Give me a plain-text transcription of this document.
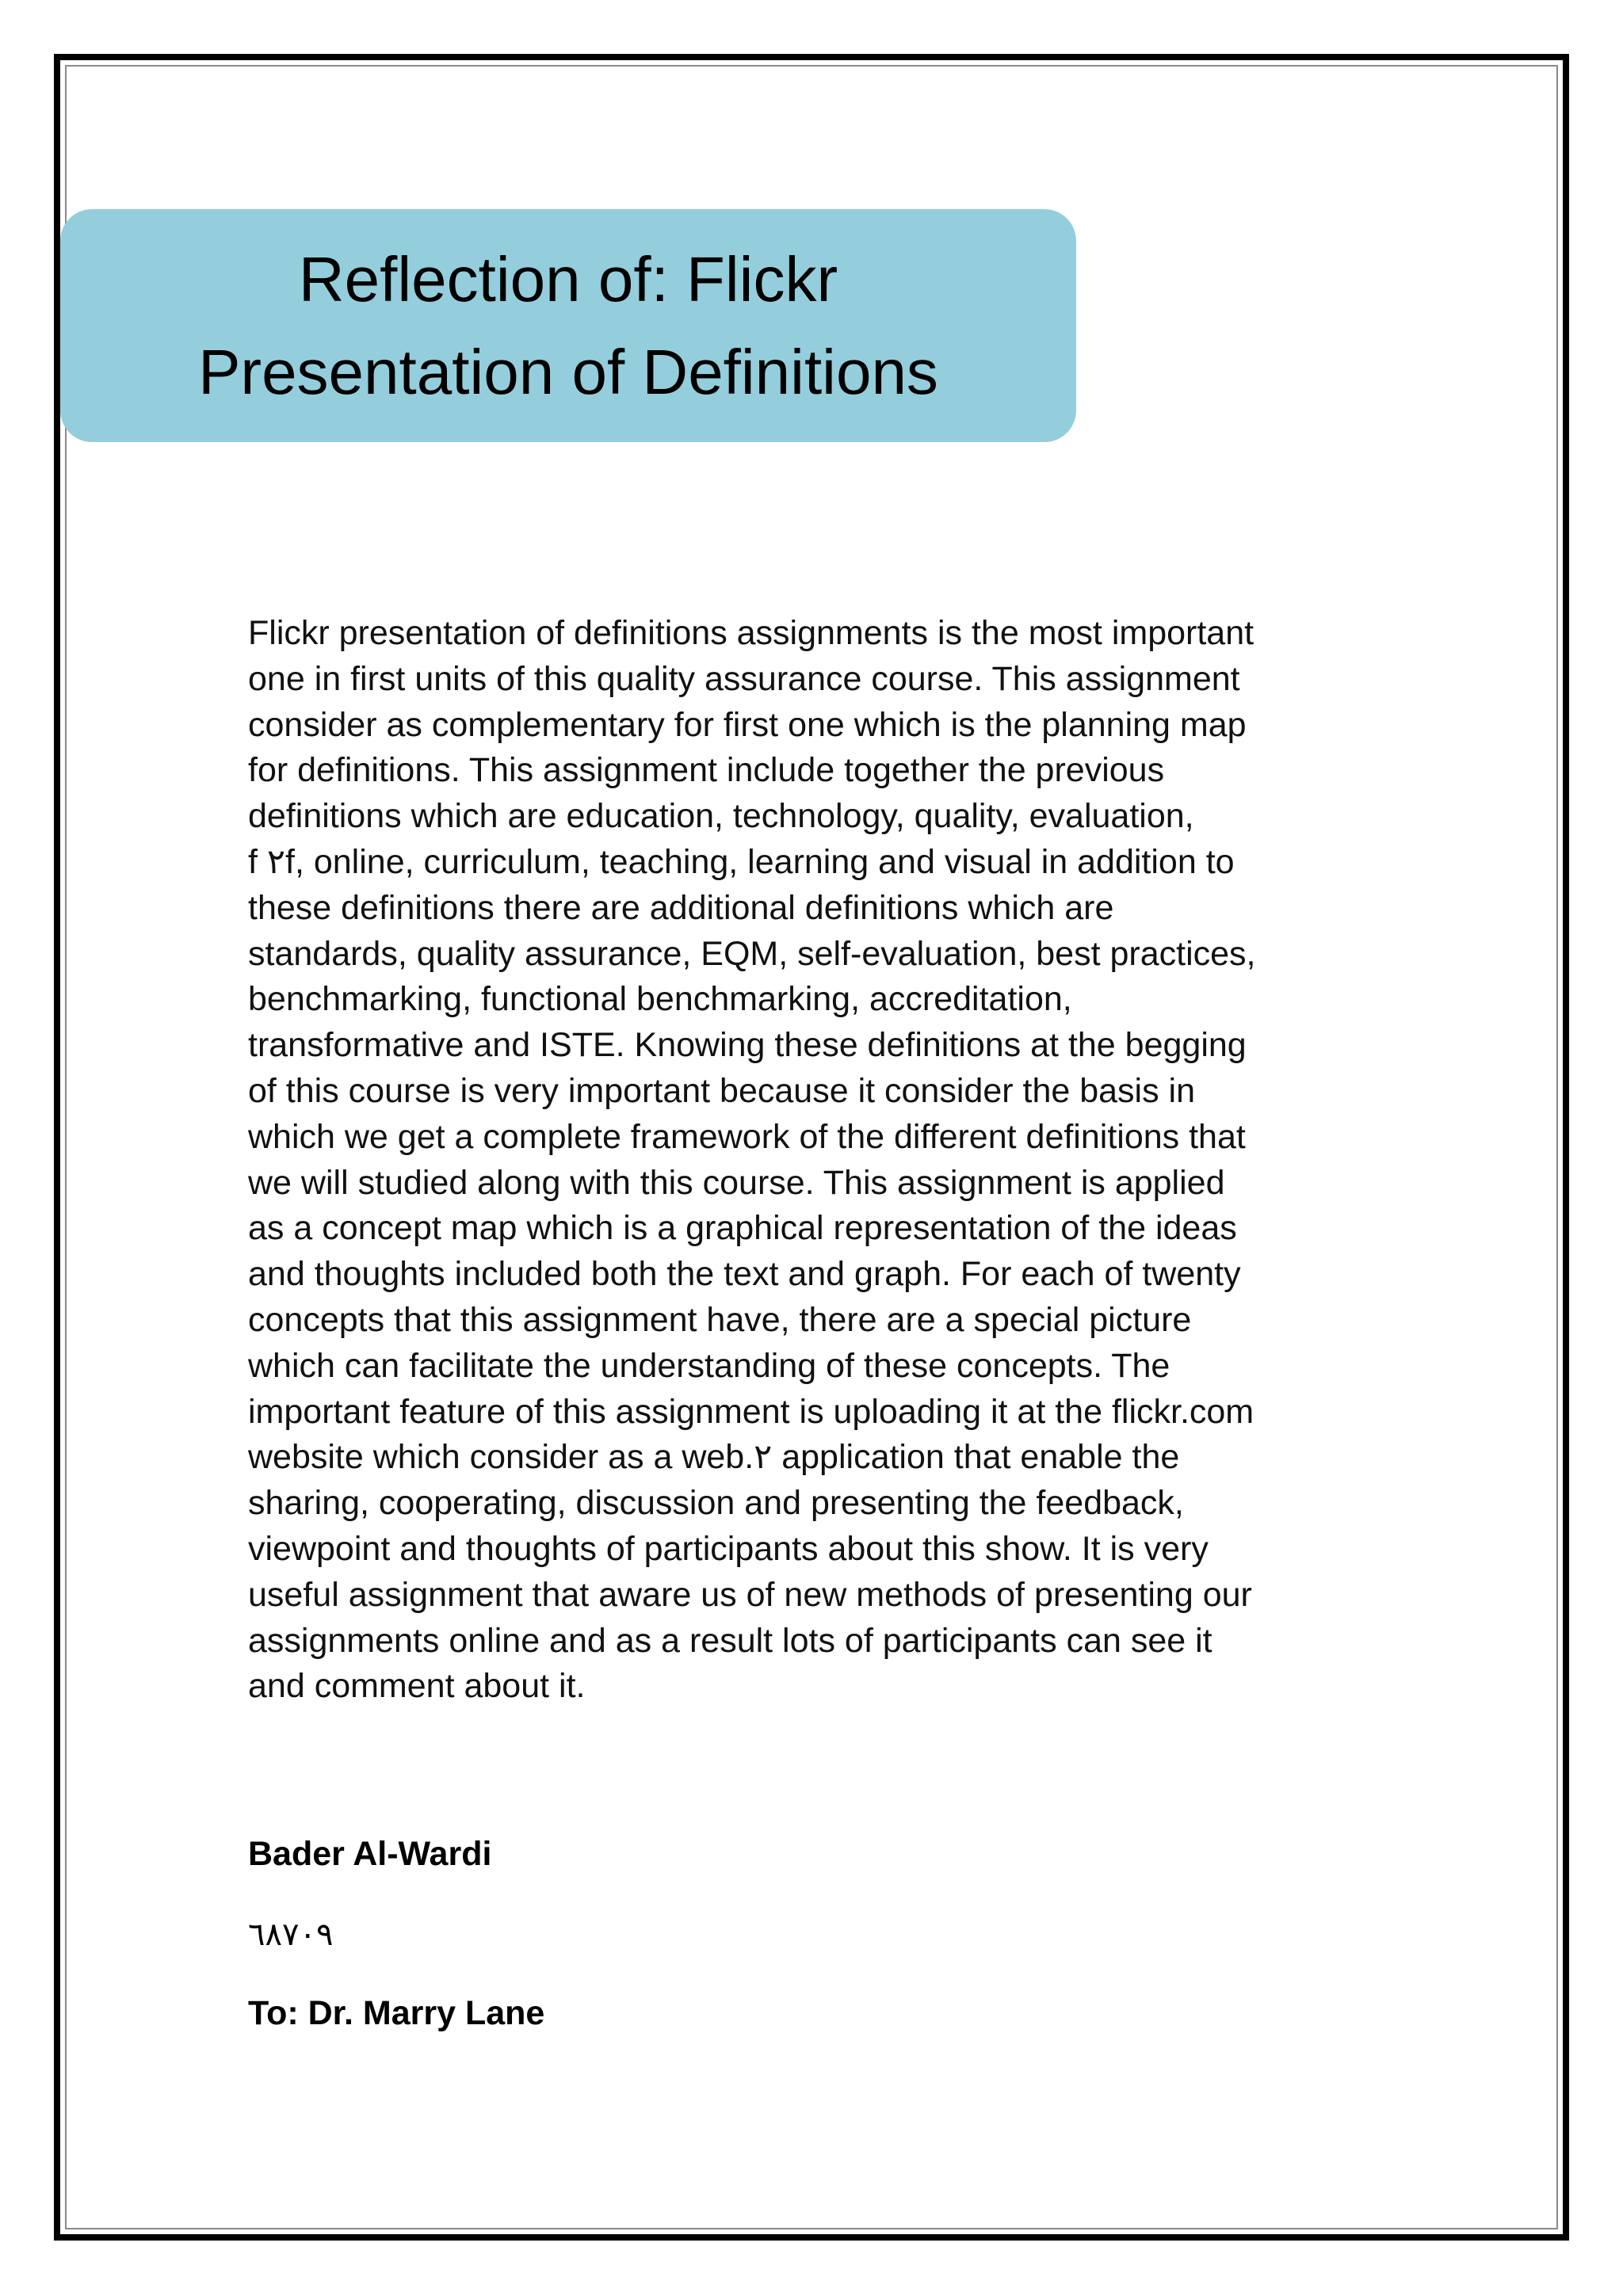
Reflection of: Flickr
Presentation of Definitions
Flickr presentation of definitions assignments is the most important
one in first units of this quality assurance course. This assignment
consider as complementary for first one which is the planning map
for definitions. This assignment include together the previous
definitions which are education, technology, quality, evaluation,
f ٢f, online, curriculum, teaching, learning and visual in addition to
these definitions there are additional definitions which are
standards, quality assurance, EQM, self-evaluation, best practices,
benchmarking, functional benchmarking, accreditation,
transformative and ISTE. Knowing these definitions at the begging
of this course is very important because it consider the basis in
which we get a complete framework of the different definitions that
we will studied along with this course. This assignment is applied
as a concept map which is a graphical representation of the ideas
and thoughts included both the text and graph. For each of twenty
concepts that this assignment have, there are a special picture
which can facilitate the understanding of these concepts. The
important feature of this assignment is uploading it at the flickr.com
website which consider as a web.٢ application that enable the
sharing, cooperating, discussion and presenting the feedback,
viewpoint and thoughts of participants about this show. It is very
useful assignment that aware us of new methods of presenting our
assignments online and as a result lots of participants can see it
and comment about it.

Bader Al-Wardi

٦٨٧٠٩

To: Dr. Marry Lane
